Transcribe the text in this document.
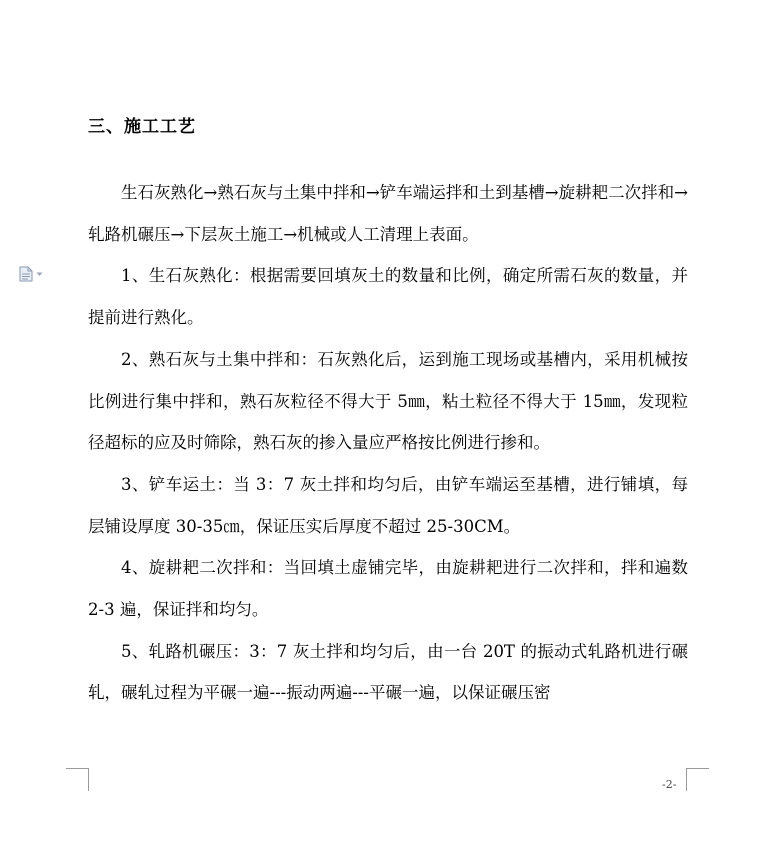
三、施工工艺

生石灰熟化→熟石灰与土集中拌和→铲车端运拌和土到基槽→旋耕耙二次拌和→轧路机碾压→下层灰土施工→机械或人工清理上表面。

1、生石灰熟化：根据需要回填灰土的数量和比例，确定所需石灰的数量，并提前进行熟化。

2、熟石灰与土集中拌和：石灰熟化后，运到施工现场或基槽内，采用机械按比例进行集中拌和，熟石灰粒径不得大于 5㎜，粘土粒径不得大于 15㎜，发现粒径超标的应及时筛除，熟石灰的掺入量应严格按比例进行掺和。

3、铲车运土：当 3：7 灰土拌和均匀后，由铲车端运至基槽，进行铺填，每层铺设厚度 30-35㎝，保证压实后厚度不超过 25-30CM。

4、旋耕耙二次拌和：当回填土虚铺完毕，由旋耕耙进行二次拌和，拌和遍数 2-3 遍，保证拌和均匀。

5、轧路机碾压：3：7 灰土拌和均匀后，由一台 20T 的振动式轧路机进行碾轧，碾轧过程为平碾一遍---振动两遍---平碾一遍，以保证碾压密

-2-
